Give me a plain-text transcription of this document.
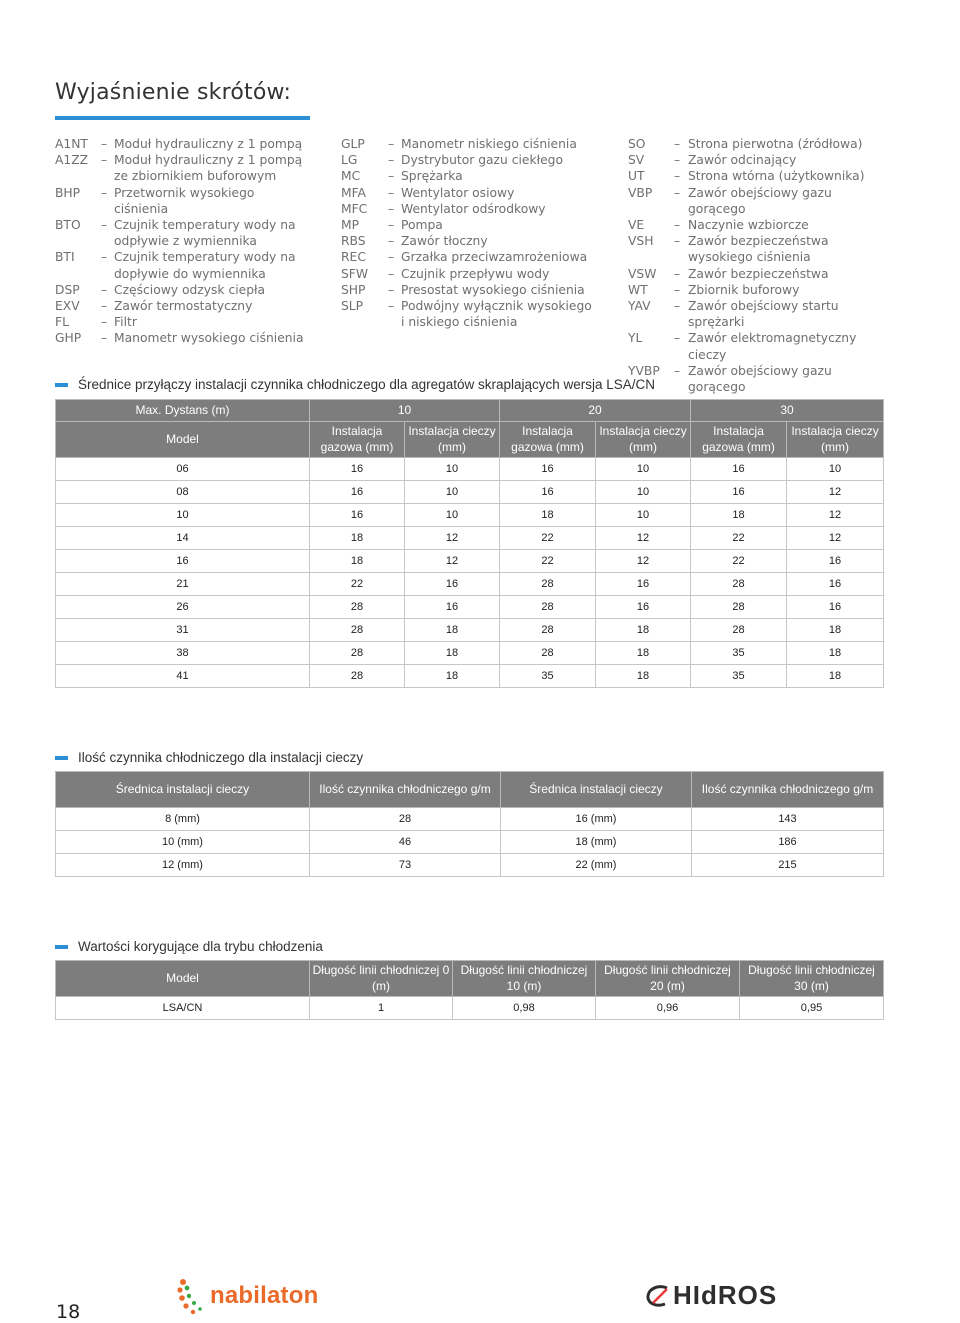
Wyjaśnienie skrótów:
A1NT	– Moduł hydrauliczny z 1 pompą
A1ZZ	– Moduł hydrauliczny z 1 pompą ze zbiornikiem buforowym
BHP	– Przetwornik wysokiego ciśnienia
BTO	– Czujnik temperatury wody na odpływie z wymiennika
BTI	– Czujnik temperatury wody na dopływie do wymiennika
DSP	– Częściowy odzysk ciepła
EXV	– Zawór termostatyczny
FL	– Filtr
GHP	– Manometr wysokiego ciśnienia
GLP	– Manometr niskiego ciśnienia
LG	– Dystrybutor gazu ciekłego
MC	– Sprężarka
MFA	– Wentylator osiowy
MFC	– Wentylator odśrodkowy
MP	– Pompa
RBS	– Zawór tłoczny
REC	– Grzałka przeciwzamrożeniowa
SFW	– Czujnik przepływu wody
SHP	– Presostat wysokiego ciśnienia
SLP	– Podwójny wyłącznik wysokiego i niskiego ciśnienia
SO	– Strona pierwotna (źródłowa)
SV	– Zawór odcinający
UT	– Strona wtórna (użytkownika)
VBP	– Zawór obejściowy gazu gorącego
VE	– Naczynie wzbiorcze
VSH	– Zawór bezpieczeństwa wysokiego ciśnienia
VSW	– Zawór bezpieczeństwa
WT	– Zbiornik buforowy
YAV	– Zawór obejściowy startu sprężarki
YL	– Zawór elektromagnetyczny cieczy
YVBP	– Zawór obejściowy gazu gorącego
Średnice przyłączy instalacji czynnika chłodniczego dla agregatów skraplających wersja LSA/CN
Max. Dystans (m)	10		20		30	
Model	Instalacja gazowa (mm)	Instalacja cieczy (mm)	Instalacja gazowa (mm)	Instalacja cieczy (mm)	Instalacja gazowa (mm)	Instalacja cieczy (mm)
06	16	10	16	10	16	10
08	16	10	16	10	16	12
10	16	10	18	10	18	12
14	18	12	22	12	22	12
16	18	12	22	12	22	16
21	22	16	28	16	28	16
26	28	16	28	16	28	16
31	28	18	28	18	28	18
38	28	18	28	18	35	18
41	28	18	35	18	35	18
Ilość czynnika chłodniczego dla instalacji cieczy
Średnica instalacji cieczy	Ilość czynnika chłodniczego g/m	Średnica instalacji cieczy	Ilość czynnika chłodniczego g/m
8 (mm)	28	16 (mm)	143
10 (mm)	46	18 (mm)	186
12 (mm)	73	22 (mm)	215
Wartości korygujące dla trybu chłodzenia
Model	Długość linii chłodniczej 0 (m)	Długość linii chłodniczej 10 (m)	Długość linii chłodniczej 20 (m)	Długość linii chłodniczej 30 (m)
LSA/CN	1	0,98	0,96	0,95
18
nabilaton	HIdROS
